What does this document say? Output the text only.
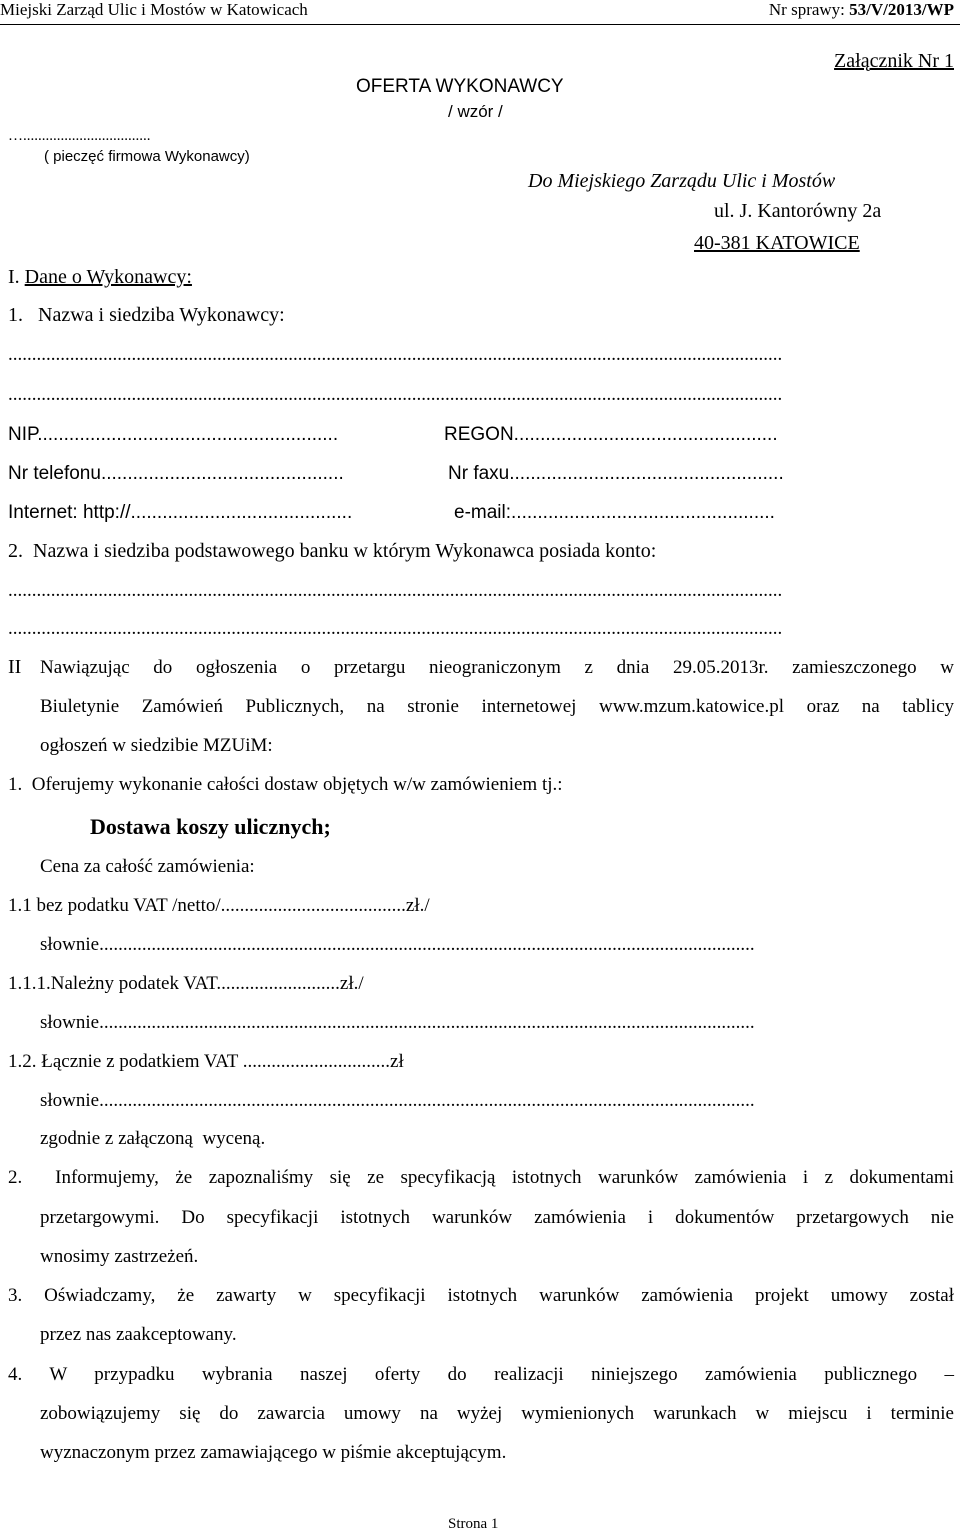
Miejski Zarząd Ulic i Mostów w Katowicach	Nr sprawy: 53/V/2013/WP
Załącznik Nr 1
OFERTA WYKONAWCY
/ wzór /
…..................................
( pieczęć firmowa Wykonawcy)
Do Miejskiego Zarządu Ulic i Mostów
ul. J. Kantorówny 2a
40-381 KATOWICE
I. Dane o Wykonawcy:
1.   Nazwa i siedziba Wykonawcy:
...................................................................................................................................................................
...................................................................................................................................................................
NIP.........................................................	REGON..................................................
Nr telefonu..............................................	Nr faxu....................................................
Internet: http://..........................................	e-mail:..................................................
2.  Nazwa i siedziba podstawowego banku w którym Wykonawca posiada konto:
...................................................................................................................................................................
...................................................................................................................................................................
II Nawiązując do ogłoszenia o przetargu nieograniczonym z dnia 29.05.2013r. zamieszczonego w
Biuletynie Zamówień Publicznych, na stronie internetowej www.mzum.katowice.pl oraz na tablicy
ogłoszeń w siedzibie MZUiM:
1.  Oferujemy wykonanie całości dostaw objętych w/w zamówieniem tj.:
Dostawa koszy ulicznych;
Cena za całość zamówienia:
1.1 bez podatku VAT /netto/.......................................zł./
słownie..........................................................................................................................................
1.1.1.Należny podatek VAT..........................zł./
słownie..........................................................................................................................................
1.2. Łącznie z podatkiem VAT ...............................zł
słownie..........................................................................................................................................
zgodnie z załączoną  wyceną.
2.  Informujemy, że zapoznaliśmy się ze specyfikacją istotnych warunków zamówienia i z dokumentami
przetargowymi. Do specyfikacji istotnych warunków zamówienia i dokumentów przetargowych nie
wnosimy zastrzeżeń.
3.  Oświadczamy,  że  zawarty  w  specyfikacji  istotnych  warunków  zamówienia  projekt  umowy  został
przez nas zaakceptowany.
4.  W  przypadku  wybrania  naszej  oferty  do  realizacji  niniejszego  zamówienia  publicznego  –
zobowiązujemy się do zawarcia umowy na wyżej wymienionych warunkach w miejscu i terminie
wyznaczonym przez zamawiającego w piśmie akceptującym.
Strona 1
